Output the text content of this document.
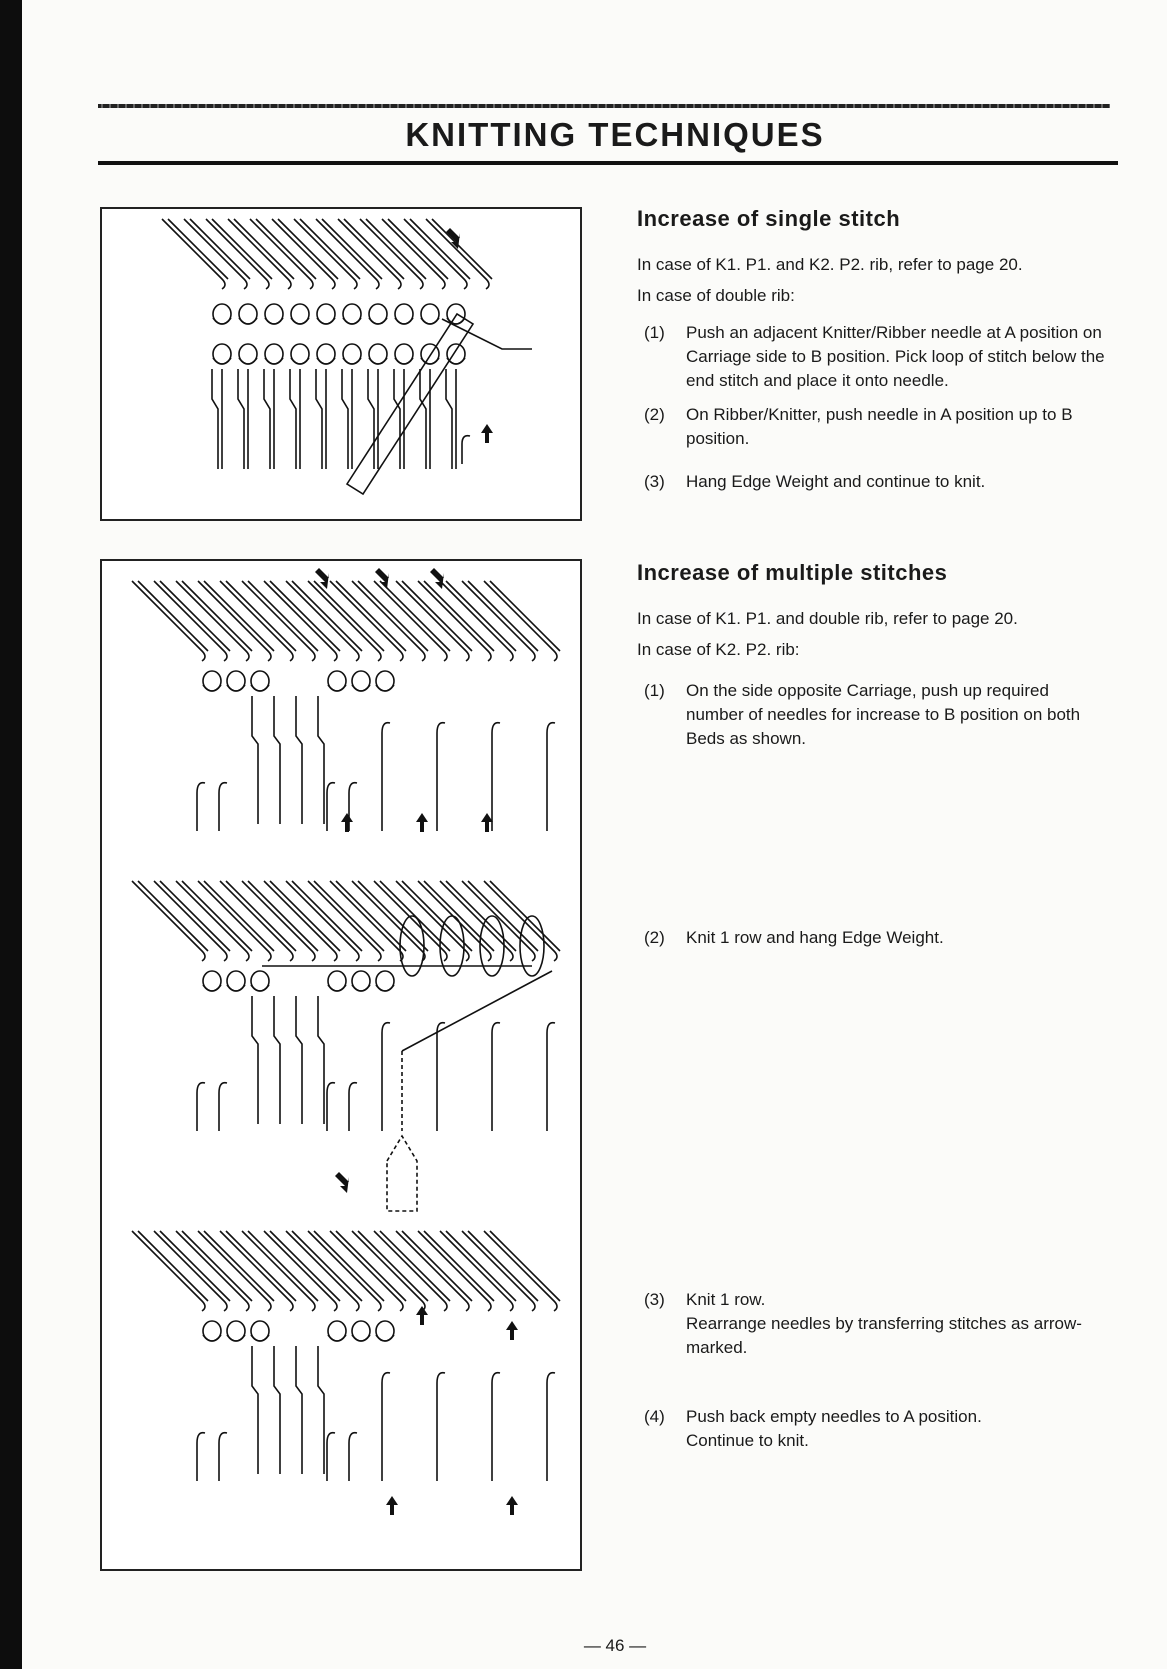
KNITTING TECHNIQUES
Increase of single stitch
In case of K1. P1. and K2. P2. rib, refer to page 20.
In case of double rib:
(1) Push an adjacent Knitter/Ribber needle at A position on Carriage side to B position. Pick loop of stitch below the end stitch and place it onto needle.
(2) On Ribber/Knitter, push needle in A position up to B position.
(3) Hang Edge Weight and continue to knit.
Increase of multiple stitches
In case of K1. P1. and double rib, refer to page 20.
In case of K2. P2. rib:
(1) On the side opposite Carriage, push up required number of needles for increase to B position on both Beds as shown.
(2) Knit 1 row and hang Edge Weight.
(3) Knit 1 row.
Rearrange needles by transferring stitches as arrow-marked.
(4) Push back empty needles to A position.
Continue to knit.
— 46 —
